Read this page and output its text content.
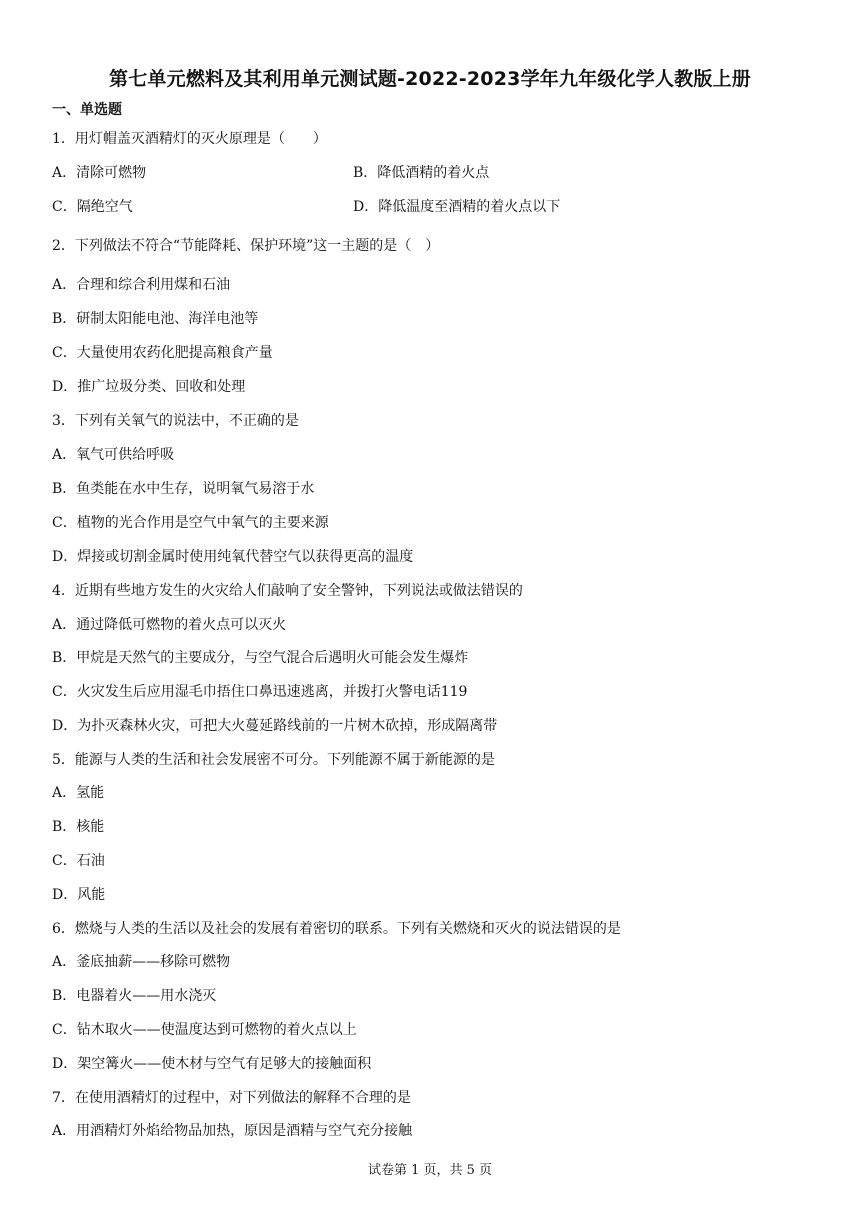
第七单元燃料及其利用单元测试题-2022-2023学年九年级化学人教版上册
一、单选题
1．用灯帽盖灭酒精灯的灭火原理是（　　）
A．清除可燃物	B．降低酒精的着火点
C．隔绝空气	D．降低温度至酒精的着火点以下
2．下列做法不符合“节能降耗、保护环境”这一主题的是（　）
A．合理和综合利用煤和石油
B．研制太阳能电池、海洋电池等
C．大量使用农药化肥提高粮食产量
D．推广垃圾分类、回收和处理
3．下列有关氧气的说法中，不正确的是
A．氧气可供给呼吸
B．鱼类能在水中生存，说明氧气易溶于水
C．植物的光合作用是空气中氧气的主要来源
D．焊接或切割金属时使用纯氧代替空气以获得更高的温度
4．近期有些地方发生的火灾给人们敲响了安全警钟，下列说法或做法错误的
A．通过降低可燃物的着火点可以灭火
B．甲烷是天然气的主要成分，与空气混合后遇明火可能会发生爆炸
C．火灾发生后应用湿毛巾捂住口鼻迅速逃离，并拨打火警电话119
D．为扑灭森林火灾，可把大火蔓延路线前的一片树木砍掉，形成隔离带
5．能源与人类的生活和社会发展密不可分。下列能源不属于新能源的是
A．氢能
B．核能
C．石油
D．风能
6．燃烧与人类的生活以及社会的发展有着密切的联系。下列有关燃烧和灭火的说法错误的是
A．釜底抽薪——移除可燃物
B．电器着火——用水浇灭
C．钻木取火——使温度达到可燃物的着火点以上
D．架空篝火——使木材与空气有足够大的接触面积
7．在使用酒精灯的过程中，对下列做法的解释不合理的是
A．用酒精灯外焰给物品加热，原因是酒精与空气充分接触
试卷第 1 页，共 5 页
